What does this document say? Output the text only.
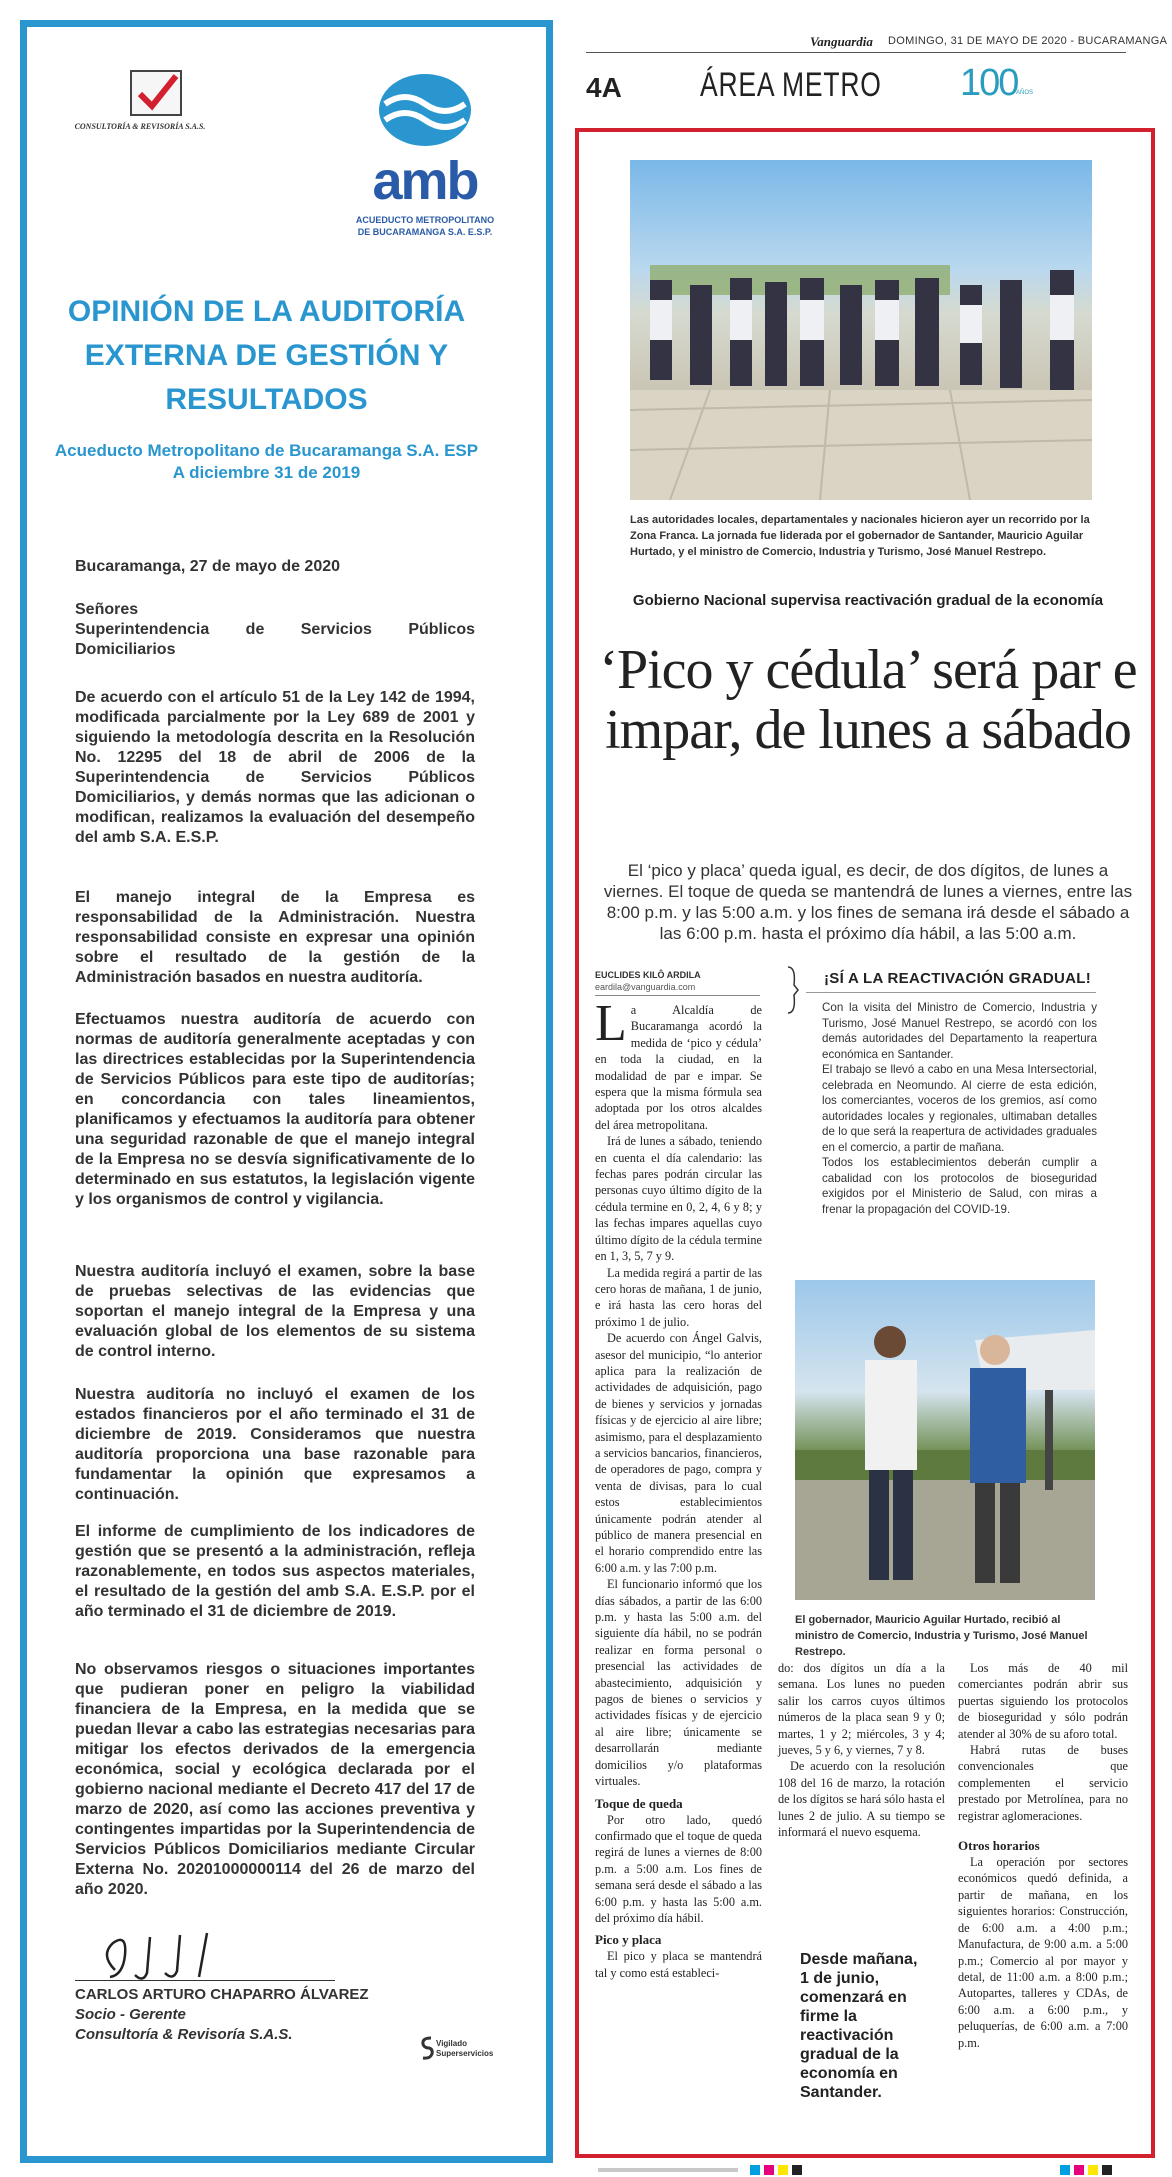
CONSULTORÍA & REVISORÍA S.A.S.
amb
ACUEDUCTO METROPOLITANO
DE BUCARAMANGA S.A. E.S.P.
OPINIÓN DE LA AUDITORÍA EXTERNA DE GESTIÓN Y RESULTADOS
Acueducto Metropolitano de Bucaramanga S.A. ESP
A diciembre 31 de 2019

Bucaramanga, 27 de mayo de 2020

Señores

Superintendencia de Servicios Públicos Domiciliarios

De acuerdo con el artículo 51 de la Ley 142 de 1994, modificada parcialmente por la Ley 689 de 2001 y siguiendo la metodología descrita en la Resolución No. 12295 del 18 de abril de 2006 de la Superintendencia de Servicios Públicos Domiciliarios, y demás normas que las adicionan o modifican, realizamos la evaluación del desempeño del amb S.A. E.S.P.

El manejo integral de la Empresa es responsabilidad de la Administración. Nuestra responsabilidad consiste en expresar una opinión sobre el resultado de la gestión de la Administración basados en nuestra auditoría.

Efectuamos nuestra auditoría de acuerdo con normas de auditoría generalmente aceptadas y con las directrices establecidas por la Superintendencia de Servicios Públicos para este tipo de auditorías; en concordancia con tales lineamientos, planificamos y efectuamos la auditoría para obtener una seguridad razonable de que el manejo integral de la Empresa no se desvía significativamente de lo determinado en sus estatutos, la legislación vigente y los organismos de control y vigilancia.

Nuestra auditoría incluyó el examen, sobre la base de pruebas selectivas de las evidencias que soportan el manejo integral de la Empresa y una evaluación global de los elementos de su sistema de control interno.

Nuestra auditoría no incluyó el examen de los estados financieros por el año terminado el 31 de diciembre de 2019. Consideramos que nuestra auditoría proporciona una base razonable para fundamentar la opinión que expresamos a continuación.

El informe de cumplimiento de los indicadores de gestión que se presentó a la administración, refleja razonablemente, en todos sus aspectos materiales, el resultado de la gestión del amb S.A. E.S.P. por el año terminado el 31 de diciembre de 2019.

No observamos riesgos o situaciones importantes que pudieran poner en peligro la viabilidad financiera de la Empresa, en la medida que se puedan llevar a cabo las estrategias necesarias para mitigar los efectos derivados de la emergencia económica, social y ecológica declarada por el gobierno nacional mediante el Decreto 417 del 17 de marzo de 2020, así como las acciones preventiva y contingentes impartidas por la Superintendencia de Servicios Públicos Domiciliarios mediante Circular Externa No. 20201000000114 del 26 de marzo del año 2020.

CARLOS ARTURO CHAPARRO ÁLVAREZ
Socio - Gerente
Consultoría & Revisoría S.A.S.
Vigilado
Superservicios
Vanguardia DOMINGO, 31 DE MAYO DE 2020 - BUCARAMANGA
4A ÁREA METRO 100
AÑOS

Las autoridades locales, departamentales y nacionales hicieron ayer un recorrido por la Zona Franca. La jornada fue liderada por el gobernador de Santander, Mauricio Aguilar Hurtado, y el ministro de Comercio, Industria y Turismo, José Manuel Restrepo.

Gobierno Nacional supervisa reactivación gradual de la economía
‘Pico y cédula’ será par e impar, de lunes a sábado

El ‘pico y placa’ queda igual, es decir, de dos dígitos, de lunes a viernes. El toque de queda se mantendrá de lunes a viernes, entre las 8:00 p.m. y las 5:00 a.m. y los fines de semana irá desde el sábado a las 6:00 p.m. hasta el próximo día hábil, a las 5:00 a.m.

EUCLIDES KILÔ ARDILA
eardila@vanguardia.com

La Alcaldía de Bucaramanga acordó la medida de ‘pico y cédula’ en toda la ciudad, en la modalidad de par e impar. Se espera que la misma fórmula sea adoptada por los otros alcaldes del área metropolitana.

Irá de lunes a sábado, teniendo en cuenta el día calendario: las fechas pares podrán circular las personas cuyo último dígito de la cédula termine en 0, 2, 4, 6 y 8; y las fechas impares aquellas cuyo último dígito de la cédula termine en 1, 3, 5, 7 y 9.

La medida regirá a partir de las cero horas de mañana, 1 de junio, e irá hasta las cero horas del próximo 1 de julio.

De acuerdo con Ángel Galvis, asesor del municipio, “lo anterior aplica para la realización de actividades de adquisición, pago de bienes y servicios y jornadas físicas y de ejercicio al aire libre; asimismo, para el desplazamiento a servicios bancarios, financieros, de operadores de pago, compra y venta de divisas, para lo cual estos establecimientos únicamente podrán atender al público de manera presencial en el horario comprendido entre las 6:00 a.m. y las 7:00 p.m.

El funcionario informó que los días sábados, a partir de las 6:00 p.m. y hasta las 5:00 a.m. del siguiente día hábil, no se podrán realizar en forma personal o presencial las actividades de abastecimiento, adquisición y pagos de bienes o servicios y actividades físicas y de ejercicio al aire libre; únicamente se desarrollarán mediante domicilios y/o plataformas virtuales.

Toque de queda

Por otro lado, quedó confirmado que el toque de queda regirá de lunes a viernes de 8:00 p.m. a 5:00 a.m. Los fines de semana será desde el sábado a las 6:00 p.m. y hasta las 5:00 a.m. del próximo día hábil.

Pico y placa

El pico y placa se mantendrá tal y como está estableci-

¡SÍ A LA REACTIVACIÓN GRADUAL!

Con la visita del Ministro de Comercio, Industria y Turismo, José Manuel Restrepo, se acordó con los demás autoridades del Departamento la reapertura económica en Santander.

El trabajo se llevó a cabo en una Mesa Intersectorial, celebrada en Neomundo. Al cierre de esta edición, los comerciantes, voceros de los gremios, así como autoridades locales y regionales, ultimaban detalles de lo que será la reapertura de actividades graduales en el comercio, a partir de mañana.

Todos los establecimientos deberán cumplir a cabalidad con los protocolos de bioseguridad exigidos por el Ministerio de Salud, con miras a frenar la propagación del COVID-19.

El gobernador, Mauricio Aguilar Hurtado, recibió al ministro de Comercio, Industria y Turismo, José Manuel Restrepo.

do: dos dígitos un día a la semana. Los lunes no pueden salir los carros cuyos últimos números de la placa sean 9 y 0; martes, 1 y 2; miércoles, 3 y 4; jueves, 5 y 6, y viernes, 7 y 8.

De acuerdo con la resolución 108 del 16 de marzo, la rotación de los dígitos se hará sólo hasta el lunes 2 de julio. A su tiempo se informará el nuevo esquema.

Desde mañana, 1 de junio, comenzará en firme la reactivación gradual de la economía en Santander.

Los más de 40 mil comerciantes podrán abrir sus puertas siguiendo los protocolos de bioseguridad y sólo podrán atender al 30% de su aforo total.

Habrá rutas de buses convencionales que complementen el servicio prestado por Metrolínea, para no registrar aglomeraciones.

Otros horarios

La operación por sectores económicos quedó definida, a partir de mañana, en los siguientes horarios: Construcción, de 6:00 a.m. a 4:00 p.m.; Manufactura, de 9:00 a.m. a 5:00 p.m.; Comercio al por mayor y detal, de 11:00 a.m. a 8:00 p.m.; Autopartes, talleres y CDAs, de 6:00 a.m. a 6:00 p.m., y peluquerías, de 6:00 a.m. a 7:00 p.m.
